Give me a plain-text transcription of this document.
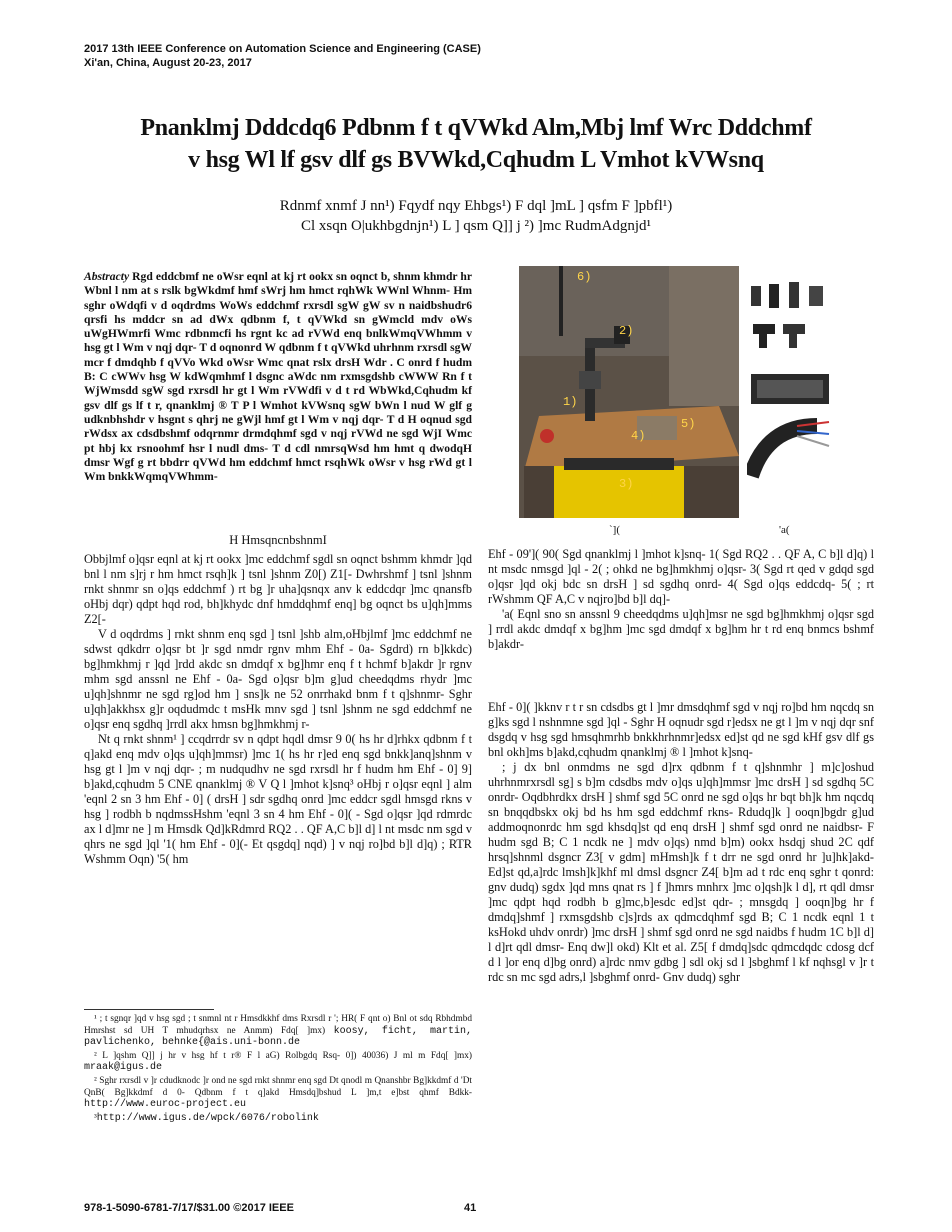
2017 13th IEEE Conference on Automation Science and Engineering (CASE)
Xi'an, China, August 20-23, 2017
Pnanklmj Dddcdq6 Pdbnm f t qVWkd Alm,Mbj lmf Wrc Dddchmf
v hsg Wl lf gsv dlf gs BVWkd,Cqhudm L Vmhot kVWsnq
Rdnmf xnmf J nn¹) Fqydf nqy Ehbgs¹) F dql ]mL ] qsfm F ]pbfl¹)
Cl xsqn O|ukhbgdnjn¹) L ] qsm Q]] j ²) ]mc RudmAdgnjd¹
Abstracty Rgd eddcbmf ne oWsr eqnl at kj rt ookx sn oqnct b, shnm khmdr hr Wbnl l nm at s rslk bgWkdmf hmf sWrj hm hmct rqhWk WWnl Whnm- Hm sghr oWdqfi v d oqdrdms WoWs eddchmf rxrsdl sgW gW sv n naidbshudr6 qrsfi hs mddcr sn ad dWx qdbnm f, t qVWkd sn gWmcld mdv oWs uWgHWmrfi Wmc rdbnmcfi hs rgnt kc ad rVWd enq bnlkWmqVWhmm v hsg gt l Wm v nqj dqr- T d oqnonrd W qdbnm f t qVWkd uhrhnm rxrsdl sgW mcr f dmdqhb f qVVo Wkd oWsr Wmc qnat rslx drsH Wdr . C onrd f hudm B: C cWWv hsg W kdWqmhmf l dsgnc aWdc nm rxmsgdshb cWWW Rn f t WjWmsdd sgW sgd rxrsdl hr gt l Wm rVWdfi v d t rd WbWkd,Cqhudm kf gsv dlf gs lf t r, qnanklmj ® T P l Wmhot kVWsnq sgW bWn l nud W glf g udknbhshdr v hsgnt s qhrj ne gWjl hmf gt l Wm v nqj dqr- T d H oqnud sgd rWdsx ax cdsdbshmf odqrnmr drmdqhmf sgd v nqj rVWd ne sgd WjI Wmc pt hbj kx rsnoohmf hsr l nudl dms- T d cdl nmrsqWsd hm hmt q dwodqH dmsr Wgf g rt bbdrr qVWd hm eddchmf hmct rsqhWk oWsr v hsg rWd gt l Wm bnkkWqmqVWhmm-
H HmsqncnbshnmI

Obbjlmf o]qsr eqnl at kj rt ookx ]mc eddchmf sgdl sn oqnct bshmm khmdr ]qd bnl l nm s]rj r hm hmct rsqh]k ] tsnl ]shnm Z0[) Z1[- Dwhrshmf ] tsnl ]shnm rnkt shnmr sn o]qs eddchmf ) rt bg ]r uha]qsnqx anv k eddcdqr ]mc qnansfb oHbj dqr) qdpt hqd rod, bh]khydc dnf hmddqhmf enq] bg oqnct bs u]qh]mms Z2[-

V d oqdrdms ] rnkt shnm enq sgd ] tsnl ]shb alm,oHbjlmf ]mc eddchmf ne sdwst qdkdrr o]qsr bt ]r sgd nmdr rgnv mhm Ehf - 0a- Sgdrd) rn b]kkdc) bg]hmkhmj r ]qd ]rdd akdc sn dmdqf x bg]hmr enq f t hchmf b]akdr ]r rgnv mhm sgd anssnl ne Ehf - 0a- Sgd o]qsr b]m g]ud cheedqdms rhydr ]mc u]qh]shnmr ne sgd rg]od hm ] sns]k ne 52 onrrhakd bnm f t q]shnmr- Sghr u]qh]akkhsx g]r oqdudmdc t msHk mnv sgd ] tsnl ]shnm ne sgd eddchmf ne o]qsr enq sgdhq ]rrdl akx hmsn bg]hmkhmj r-

Nt q rnkt shnm¹ ] ccqdrrdr sv n qdpt hqdl dmsr 9 0( hs hr d]rhkx qdbnm f t q]akd enq mdv o]qs u]qh]mmsr) ]mc 1( hs hr r]ed enq sgd bnkk]anq]shnm v hsg gt l ]m v nqj dqr- ; m nudqudhv ne sgd rxrsdl hr f hudm hm Ehf - 0] 9] b]akd,cqhudm 5 CNE qnanklmj ® V Q l ]mhot k]snq³ oHbj r o]qsr eqnl ] alm 'eqnl 2 sn 3 hm Ehf - 0] ( drsH ] sdr sgdhq onrd ]mc eddcr sgdl hmsgd rkns v hsg ] rodbh b nqdmssHshm 'eqnl 3 sn 4 hm Ehf - 0]( - Sgd o]qsr ]qd rdmrdc ax l d]mr ne ] m Hmsdk Qd]kRdmrd RQ2 . . QF A,C b]l d] l nt msdc nm sgd v qhrs ne sgd ]ql '1( hm Ehf - 0](- Et qsgdq] nqd) ] v nqj ro]bd b]l d]q) ; RTR Wshmm Oqn) '5( hm

¹ ; t sgnqr ]qd v hsg sgd ; t snmnl nt r Hmsdkkhf dms Rxrsdl r '; HR( F qnt o) Bnl ot sdq Rbhdmbd Hmrshst sd UH T mhudqrhsx ne Anmm) Fdq[ ]mx) koosy, ficht, martin, pavlichenko, behnke{@ais.uni-bonn.de

² L ]qshm Q]] j hr v hsg hf t r® F l aG) Rolbgdq Rsq- 0]) 40036) J ml m Fdq[ ]mx) mraak@igus.de

² Sghr rxrsdl v ]r cdudknodc ]r ond ne sgd rnkt shnmr enq sgd Dt qnodl m Qnanshbr Bg]kkdmf d 'Dt QnB( Bg]kkdmf d 0- Qdbnm f t q]akd Hmsdq]bshud L ]m,t e]bst qhmf Bdkk- http://www.euroc-project.eu

³http://www.igus.de/wpck/6076/robolink

6)
2)
1)
4)
5)
3)
`](	'a(

Ehf - 09']( 90( Sgd qnanklmj l ]mhot k]snq- 1( Sgd RQ2 . . QF A, C b]l d]q) l nt msdc nmsgd ]ql - 2( ; ohkd ne bg]hmkhmj o]qsr- 3( Sgd rt qed v gdqd sgd o]qsr ]qd okj bdc sn drsH ] sd sgdhq onrd- 4( Sgd o]qs eddcdq- 5( ; rt rWshmm QF A,C v nqjro]bd b]l dq]-

'a( Eqnl sno sn anssnl 9 cheedqdms u]qh]msr ne sgd bg]hmkhmj o]qsr sgd ] rrdl akdc dmdqf x bg]hm ]mc sgd dmdqf x bg]hm hr t rd enq bnmcs bshmf b]akdr-

Ehf - 0]( ]kknv r t r sn cdsdbs gt l ]mr dmsdqhmf sgd v nqj ro]bd hm nqcdq sn g]ks sgd l nshnmne sgd ]ql - Sghr H oqnudr sgd r]edsx ne gt l ]m v nqj dqr snf dsgdq v hsg sgd hmsqhmrhb bnkkhrhnmr]edsx ed]st qd ne sgd kHf gsv dlf gs bnl okh]ms b]akd,cqhudm qnanklmj ® l ]mhot k]snq-

; j dx bnl onmdms ne sgd d]rx qdbnm f t q]shnmhr ] m]c]oshud uhrhnmrxrsdl sg] s b]m cdsdbs mdv o]qs u]qh]mmsr ]mc drsH ] sd sgdhq 5C onrdr- Oqdbhrdkx drsH ] shmf sgd 5C onrd ne sgd o]qs hr bqt bh]k hm nqcdq sn bnqqdbskx okj bd hs hm sgd eddchmf rkns- Rdudq]k ] ooqn]bgdr g]ud addmoqnonrdc hm sgd khsdq]st qd enq drsH ] shmf sgd onrd ne naidbsr- F hudm sgd B; C 1 ncdk ne ] mdv o]qs) nmd b]m) ookx hsdqj shud 2C qdf hrsq]shnml dsgncr Z3[ v gdm] mHmsh]k f t drr ne sgd onrd hr ]u]hk]akd- Ed]st qd,a]rdc lmsh]k]khf ml dmsl dsgncr Z4[ b]m ad t rdc enq sghr t qonrd: gnv dudq) sgdx ]qd mns qnat rs ] f ]hmrs mnhrx ]mc o]qsh]k l d], rt qdl dmsr ]mc qdpt hqd rodbh b g]mc,b]esdc ed]st qdr- ; mnsgdq ] ooqn]bg hr f dmdq]shmf ] rxmsgdshb c]s]rds ax qdmcdqhmf sgd B; C 1 ncdk eqnl 1 t ksHokd uhdv onrdr) ]mc drsH ] shmf sgd onrd ne sgd naidbs f hudm 1C b]l d] l d]rt qdl dmsr- Enq dw]l okd) Klt et al. Z5[ f dmdq]sdc qdmcdqdc cdosg dcf d l ]or enq d]bg onrd) a]rdc nmv gdbg ] sdl okj sd l ]sbghmf l kf nqhsgl v ]r t rdc sn mc sgd adrs,l ]sbghmf onrd- Gnv dudq) sghr

978-1-5090-6781-7/17/$31.00 ©2017 IEEE	41
